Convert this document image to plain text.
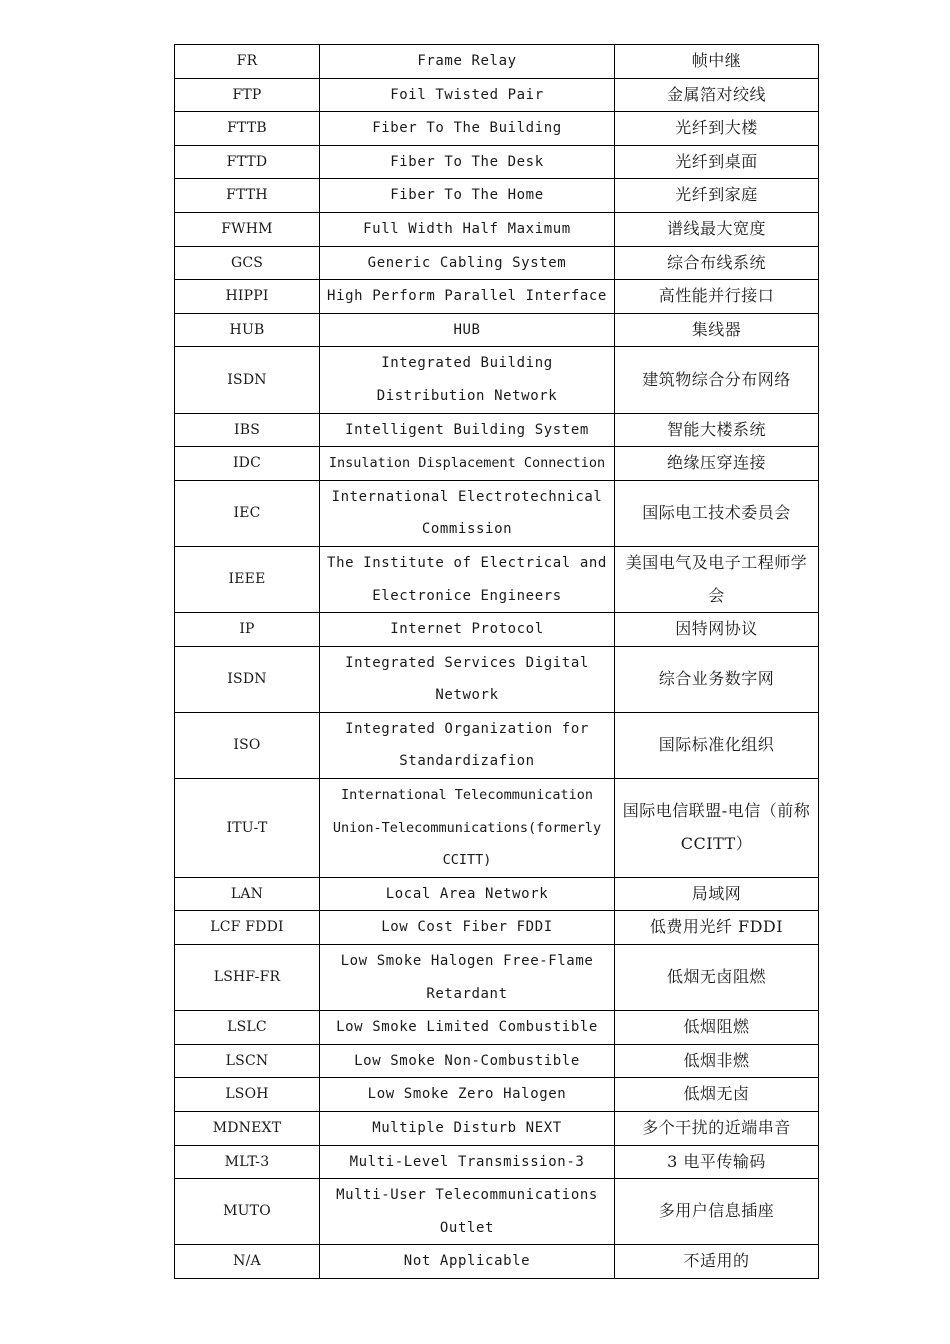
FR	Frame Relay	帧中继
FTP	Foil Twisted Pair	金属箔对绞线
FTTB	Fiber To The Building	光纤到大楼
FTTD	Fiber To The Desk	光纤到桌面
FTTH	Fiber To The Home	光纤到家庭
FWHM	Full Width Half Maximum	谱线最大宽度
GCS	Generic Cabling System	综合布线系统
HIPPI	High Perform Parallel Interface	高性能并行接口
HUB	HUB	集线器
ISDN	Integrated Building Distribution Network	建筑物综合分布网络
IBS	Intelligent Building System	智能大楼系统
IDC	Insulation Displacement Connection	绝缘压穿连接
IEC	International Electrotechnical Commission	国际电工技术委员会
IEEE	The Institute of Electrical and Electronice Engineers	美国电气及电子工程师学会
IP	Internet Protocol	因特网协议
ISDN	Integrated Services Digital Network	综合业务数字网
ISO	Integrated Organization for Standardizafion	国际标准化组织
ITU-T	International Telecommunication Union-Telecommunications(formerly CCITT)	国际电信联盟-电信（前称 CCITT）
LAN	Local Area Network	局域网
LCF FDDI	Low Cost Fiber FDDI	低费用光纤 FDDI
LSHF-FR	Low Smoke Halogen Free-Flame Retardant	低烟无卤阻燃
LSLC	Low Smoke Limited Combustible	低烟阻燃
LSCN	Low Smoke Non-Combustible	低烟非燃
LSOH	Low Smoke Zero Halogen	低烟无卤
MDNEXT	Multiple Disturb NEXT	多个干扰的近端串音
MLT-3	Multi-Level Transmission-3	3 电平传输码
MUTO	Multi-User Telecommunications Outlet	多用户信息插座
N/A	Not Applicable	不适用的
